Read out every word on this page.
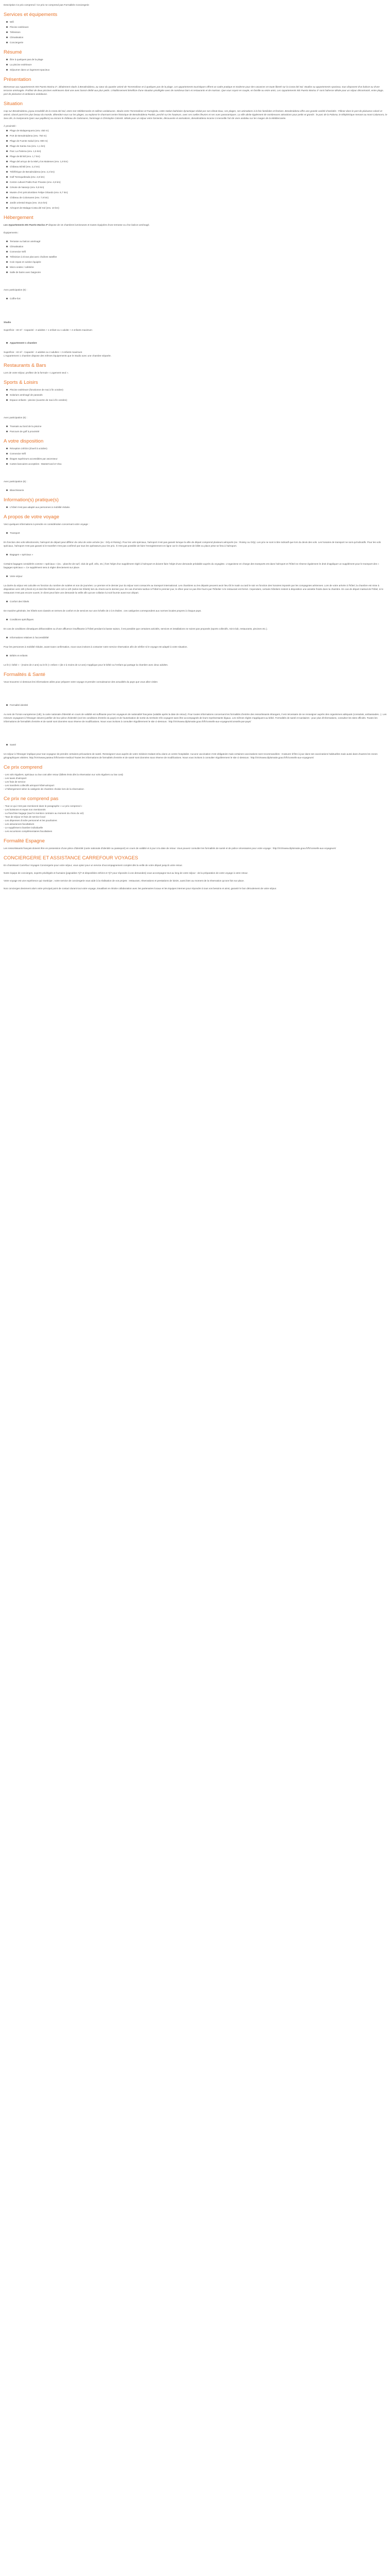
Description Ce prix comprend / Ce prix ne comprend pas Formalités Conciergerie

Services et équipements
Wifi
Piscine extérieure
Télévision
Climatisation
Conciergerie
Résumé
Être à quelques pas de la plage
La piscine extérieure
Séjourner dans un logement spacieux
Présentation

Bienvenue aux Appartements MS Puerto Marina 3*, idéalement situés à Benalmádena, au cœur du quartier animé de Torremolinos et à quelques pas de la plage. Les appartements touristiques offrent un cadre pratique et moderne pour des vacances en toute liberté sur la Costa del Sol. Studios ou appartements spacieux, tous disposent d'un balcon ou d'une terrasse aménagée. Profitez de deux piscines extérieures dont une avec bassin dédié aux plus petits. L'établissement bénéficie d'une situation privilégiée avec de nombreux bars et restaurants et de marinas. Que vous soyez en couple, en famille ou entre amis, Les Appartements MS Puerto Marina 3* sont l'adresse idéale pour un séjour décontracté, entre plage, port de plaisance et ambiance andalouse.

Situation

Cap sur Benalmádena, joyau ensoleillé de la Costa del Sol, entre mer Méditerranée et collines andalouses. Située entre Torremolinos et Fuengirola, cette station balnéaire dynamique séduit par son climat doux, ses plages, ses animations à la fois familiales et festives. Benalmádena offre une grande variété d'activités : Flânez dans le port de plaisance coloré et animé, classé parmi les plus beaux du monde, détendez-vous sur les plages, ou explorez le charmant centre historique de Benalmádena Pueblo, perché sur les hauteurs, avec ses ruelles fleuries et ses vues panoramiques. La ville abrite également de nombreuses attractions pour petits et grands : le parc de la Paloma, le téléphérique menant au mont Calamorro, le Sea Life, la mariposario (parc aux papillons) ou encore le château de Colomares, hommage à Christophe Colomb. Idéale pour un séjour entre farniente, découverte et animations, Benalmádena incarne à merveille l'art de vivre andalou sur les rivages de la Méditerranée.

À proximité :

Plage de Malapesquera (env. 450 m)
Port de Benalmádena (env. 750 m)
Plage de Fuente Salud (env. 900 m)
Plage de Santa Ana (env. 1,1 km)
Parc La Paloma (env. 1,5 km)
Plage de Bil Bil (env. 1,7 km)
Plage del arroyo de la Miel y los Maitenes (env. 1,9 km)
Château Bil Bil (env. 2,2 km)
Téléférique de Benalmádena (env. 2,2 km)
Golf Torrequebrada (env. 4,8 km)
Centre culturel Pablo Ruiz Picasso (env. 4,8 km)
Cénote de Naranjo (env. 5,9 km)
Musée d'Art précolombien Felipe Orlando (env. 6,7 km)
Château de Colomares (env. 7,9 km)
Jardin oriental Stupa (env. 15,5 km)
Aéroport de Malaga-Costa del Sol (env. 10 km)
Hébergement

Les Appartements MS Puerto Marina 3* dispose de 15 chambres lumineuses et toutes équipées d'une terrasse ou d'un balcon aménagé.

Équipements :

Terrasse ou balcon aménagé
Climatisation
Connexion Wifi
Télévision à écran plat avec chaînes satellite
Coin repas et cuisine équipée
Micro-ondes / cafetière
Salle de bains avec baignoire

Avec participation (€) :

Coffre-fort

Studio

Superficie : 33 m² - Capacité : 2 adultes + 1 enfant ou 1 adulte + 2 enfants maximum

Appartement 1 chambre

Superficie : 43 m² - Capacité : 4 adultes ou 2 adultes + 2 enfants maximum

L'Appartement 1 chambre dispose des mêmes équipements que le Studio avec une chambre séparée.

Restaurants & Bars

Lors de votre séjour, profitez de la formule « Logement seul ».

Sports & Loisirs
Piscine extérieure (fonctionne de mai à fin octobre)
Solarium aménagé de parasols
Espace enfants : piscine (ouverte de mai à fin octobre)

Avec participation (€) :

Transats au bord de la piscine
Parcours de golf à proximité
A votre disposition
Réception 24h/24 (d'avril à octobre)
Connexion Wifi
Étages supérieurs accessibles par ascenseur
Cartes bancaires acceptées : MasterCard et Visa

Avec participation (€) :

Blanchisserie
Information(s) pratique(s)
L'hôtel n'est pas adapté aux personnes à mobilité réduite.
A propos de votre voyage

Voici quelques informations à prendre en considération concernant votre voyage :

Transport

En fonction des vols sélectionnés, l'aéroport de départ peut différer de celui de votre arrivée (ex : Orly et Roissy). Pour les vols spéciaux, l'aéroport n'est pas garanti lorsque la ville de départ comprend plusieurs aéroports (ex : Roissy ou Orly). Les prix ne sont à titre indicatif que lors du devis des vols. Les horaires de transport ne sont qu'indicatifs. Pour les vols spéciaux, l'aéroport n'est pas garanti si le transfert n'est pas confirmé par tous les opérateurs pour les prix. Il n'est pas possible de faire l'enregistrement en ligne car le changement de billet ou place prise se fera à l'aéroport.

Bagages « spéciaux »

Certains bagages considérés comme « spéciaux » (ex. : planche de surf, club de golf, vélo, etc.) font l'objet d'un supplément réglé à l'aéroport et doivent faire l'objet d'une demande préalable auprès du voyagiste. L'organisme en charge des transports est dans l'aéroport et l'hôtel ne réserve également le droit d'appliquer un supplément pour le transport des « bagages spéciaux ». Ce supplément sera à régler directement sur place.

Votre séjour

La durée du séjour est calculée en fonction du nombre de nuitées et non de journées. Le premier et le dernier jour du séjour sont consacrés au transport international. Les chambres ou les départs peuvent avoir lieu tôt le matin ou tard le soir en fonction des horaires imposés par les compagnies aériennes. Lors de votre arrivée à l'hôtel, la chambre est mise à disposition vers 15h (check-in) et doit être libérée vers 11h à 12h (selon les hôtels) lors du check-out le dernier jour. En cas d'arrivée tardive à l'hôtel le premier jour, le dîner peut ne pas être fourni par l'hôtelier ni le restaurant est fermé. Cependant, certains hôteliers restent à disposition une assiette froide dans la chambre. En cas de départ matinal de l'hôtel, si le restaurant n'est pas encore ouvert, le client peut faire une demande la veille afin qu'une collation lui soit fournie avant son départ.

Confort des hôtels

De manière générale, les hôtels sont classés en termes de confort et de services sur une échelle de 2 à 5 étoiles ; ces catégories correspondent aux normes locales propres à chaque pays.

Conditions spécifiques

En cas de conditions climatiques défavorables ou d'une affluence insuffisante à l'hôtel pendant la basse saison, il est possible que certaines activités, services et installations ne soient pas proposés (sports collectifs, mini-club, restaurants, piscines etc.).

Informations relatives à l'accessibilité

Pour les personnes à mobilité réduite, avant toute confirmation, nous vous invitons à contacter notre service réservation afin de vérifier si le voyage est adapté à votre situation.

Bébés et enfants

Le lit (« bébé » - (moins de 2 ans) ou le lit (« enfant » (de 2 à moins de 12 ans) n'applique pour le bébé ou l'enfant qui partage la chambre avec deux adultes.

Formalités & Santé

Vous trouverez ci-dessous les informations utiles pour préparer votre voyage et prendre connaissance des actualités du pays que vous allez visiter.

Formalité identité

Au sein de l'Union européenne (UE), la carte nationale d'identité en cours de validité est suffisante pour les voyageurs de nationalité française (valable après la date de retour). Pour toutes informations concernant les formalités d'entrée des ressortissants étrangers, il est nécessaire de se renseigner auprès des organismes adéquats (consulats, ambassades...). Les mineurs voyageant à l'étranger doivent justifier de leur pièce d'identité (voir les conditions d'entrée du pays) et de l'autorisation de sortie du territoire s'ils voyagent sans être accompagnés de leurs représentants légaux. Les mêmes règles s'appliquent au bébé. Formalités de santé et sanitaires : pour plus d'informations, consultez les sites officiels. Toutes les informations de formalités d'entrée et de santé sont données sous réserve de modifications. Nous vous invitons à consulter régulièrement le site ci-dessous : http://XXXwww.diplomatie.gouv.fr/fr/conseils-aux-voyageurs/conseils-par-pays/

Santé

Un séjour à l'étranger implique pour tout voyageur de prendre certaines précautions de santé. Renseignez-vous auprès de votre médecin traitant et/ou dans un centre hospitalier. Aucune vaccination n'est obligatoire mais certaines vaccinations sont recommandées : s'assurer d'être à jour dans ses vaccinations habituelles mais aussi dans d'autres les zones géographiques visitées. http://XXXwww.pasteur.fr/fr/centre-medical Toutes les informations de formalités d'entrée et de santé sont données sous réserve de modifications. Nous vous invitons à consulter régulièrement le site ci-dessous : http://XXXwww.diplomatie.gouv.fr/fr/conseils-aux-voyageurs/

Ce prix comprend

- Les vols réguliers, spéciaux ou low cost aller retour (billets émis dès la réservation sur vols réguliers ou low cost)

- Les taxes d'aéroport

- Les frais de service

- Les transferts collectifs aéroport-hôtel-aéroport

- L'hébergement selon la catégorie de chambre choisie lors de la réservation

Ce prix ne comprend pas

- Tout ce qui n'est pas mentionné dans le paragraphe « Le prix comprend »

- Les boissons et repas non mentionnés

- La franchise bagage (sauf si mention contraire au moment du choix du vol)

- Taxe de séjour et frais de service local

- Les dépenses d'ordre personnel et les pourboires

- Les assurances facultatives

- Le supplément chambre individuelle

- Les excursions complémentaires facultatives

Formalité Espagne

Les ressortissants français doivent être en possession d'une pièce d'identité (carte nationale d'identité ou passeport) en cours de validité et à jour à la date de retour. Vous pouvez consulter les formalités de santé et de police nécessaires pour votre voyage : http://XXXwww.diplomatie.gouv.fr/fr/conseils-aux-voyageurs/

CONCIERGERIE ET ASSISTANCE CARREFOUR VOYAGES

En choisissant Carrefour Voyages Conciergerie pour votre séjour, vous optez pour un service d'accompagnement complet dès la veille de votre départ jusqu'à votre retour.

Notre équipe de concierges, experts privilégiés et humains (joignables 7j/7 et disponibles 24h/24 et 7j/7 pour répondre à vos demandes) vous accompagne tout au long de votre séjour : de la préparation de votre voyage à votre retour.

Votre voyage est une expérience qui s'anticipe ; notre service de conciergerie vous aide à la réalisation de vos projets : restaurant, réservations et prestations de loisirs, aussi bien au moment de la réservation qu'une fois sur place.

Nos concierges devienent alors votre principal point de contact durant tout votre voyage, travaillant en étroite collaboration avec les partenaires locaux et les équipes internes pour répondre à tous vos besoins et ainsi, garantir le bon déroulement de votre séjour.
